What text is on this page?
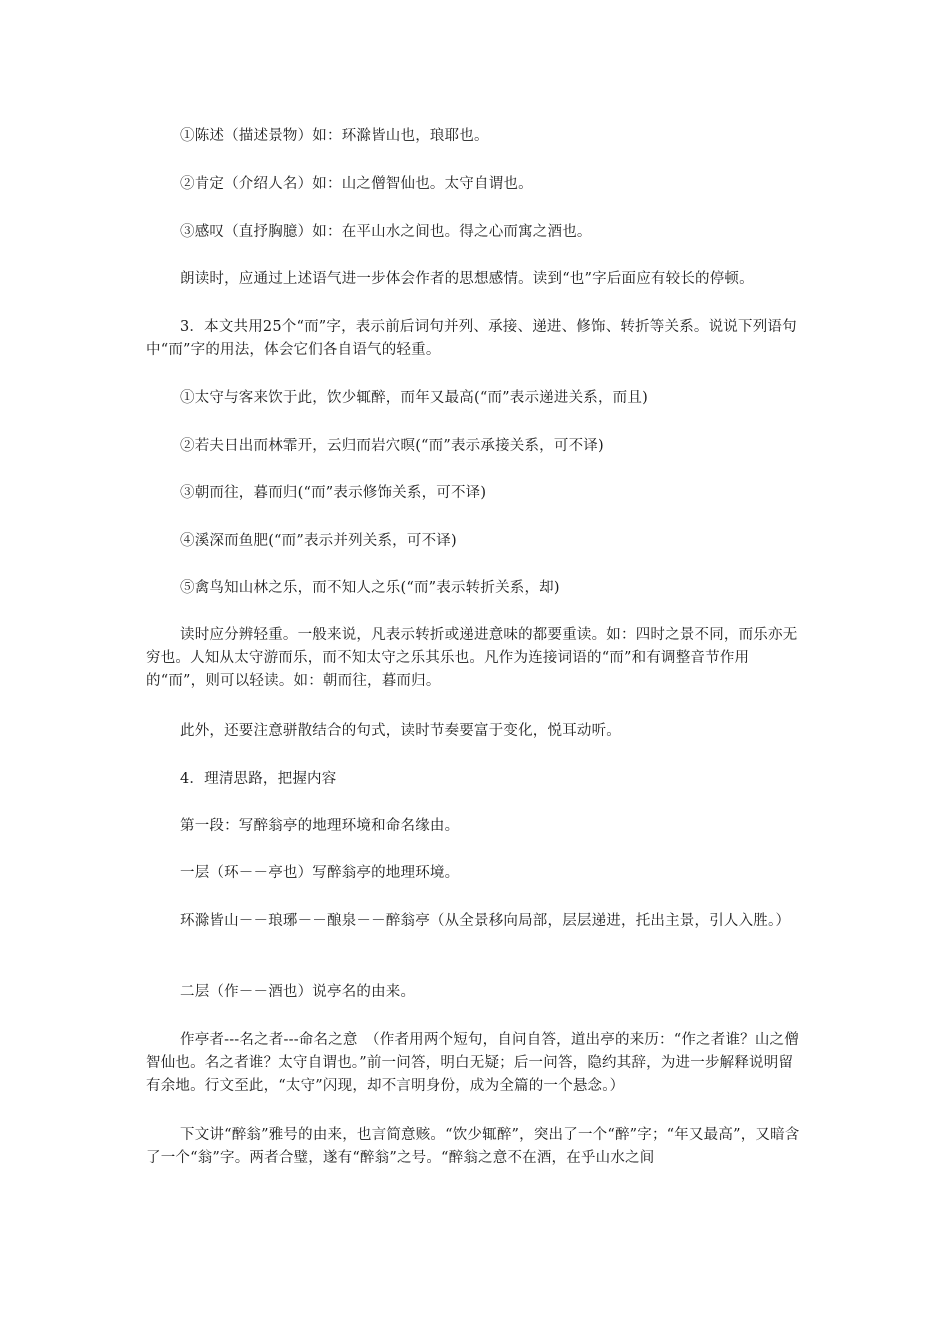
①陈述（描述景物）如：环滁皆山也，琅耶也。

②肯定（介绍人名）如：山之僧智仙也。太守自谓也。

③感叹（直抒胸臆）如：在平山水之间也。得之心而寓之酒也。

朗读时，应通过上述语气进一步体会作者的思想感情。读到“也”字后面应有较长的停顿。

3．本文共用25个“而”字，表示前后词句并列、承接、递进、修饰、转折等关系。说说下列语句中“而”字的用法，体会它们各自语气的轻重。

①太守与客来饮于此，饮少辄醉，而年又最高(“而”表示递进关系，而且)

②若夫日出而林霏开，云归而岩穴暝(“而”表示承接关系，可不译)

③朝而往，暮而归(“而”表示修饰关系，可不译)

④溪深而鱼肥(“而”表示并列关系，可不译)

⑤禽鸟知山林之乐，而不知人之乐(“而”表示转折关系，却)

读时应分辨轻重。一般来说，凡表示转折或递进意味的都要重读。如：四时之景不同，而乐亦无穷也。人知从太守游而乐，而不知太守之乐其乐也。凡作为连接词语的“而”和有调整音节作用的“而”，则可以轻读。如：朝而往，暮而归。

此外，还要注意骈散结合的句式，读时节奏要富于变化，悦耳动听。

4．理清思路，把握内容

第一段：写醉翁亭的地理环境和命名缘由。

一层（环－－亭也）写醉翁亭的地理环境。

环滁皆山－－琅琊－－酿泉－－醉翁亭（从全景移向局部，层层递进，托出主景，引人入胜。）

二层（作－－酒也）说亭名的由来。

作亭者---名之者---命名之意　（作者用两个短句，自问自答，道出亭的来历：“作之者谁？山之僧智仙也。名之者谁？太守自谓也。”前一问答，明白无疑；后一问答，隐约其辞，为进一步解释说明留有余地。行文至此，“太守”闪现，却不言明身份，成为全篇的一个悬念。）

下文讲“醉翁”雅号的由来，也言简意赅。“饮少辄醉”，突出了一个“醉”字；“年又最高”，又暗含了一个“翁”字。两者合璧，遂有“醉翁”之号。“醉翁之意不在酒，在乎山水之间
